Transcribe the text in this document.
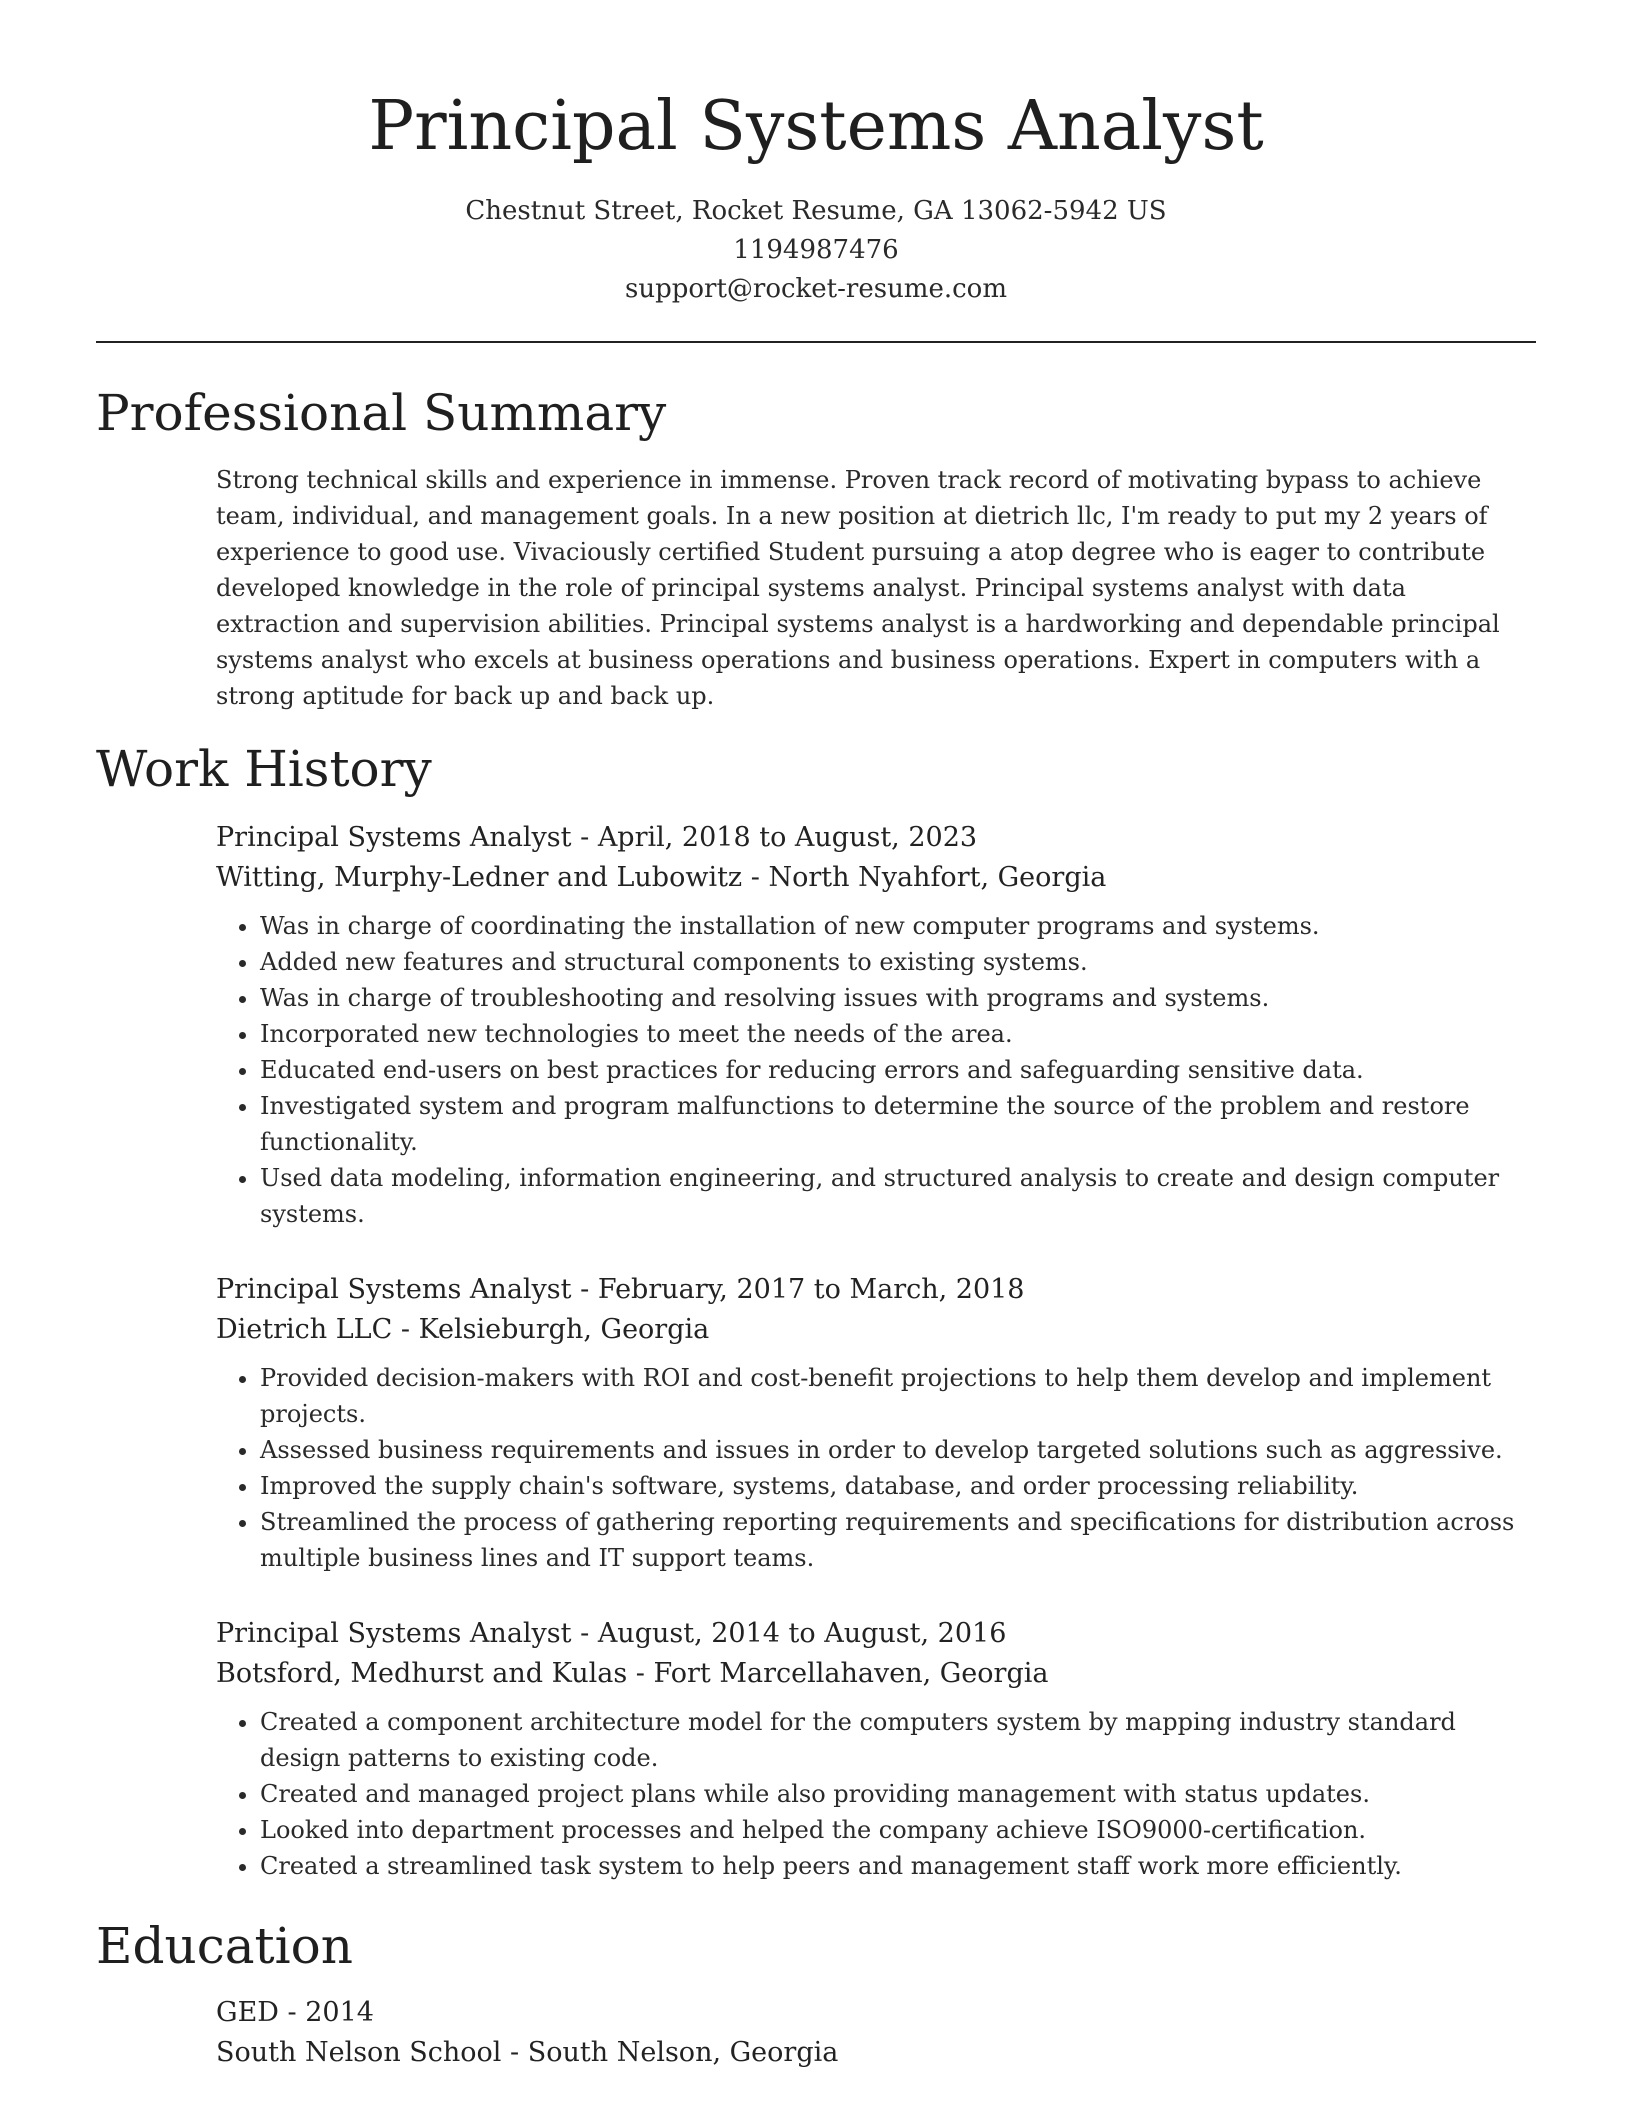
Principal Systems Analyst
Chestnut Street, Rocket Resume, GA 13062-5942 US
1194987476
support@rocket-resume.com
Professional Summary

Strong technical skills and experience in immense. Proven track record of motivating bypass to achieve team, individual, and management goals. In a new position at dietrich llc, I'm ready to put my 2 years of experience to good use. Vivaciously certified Student pursuing a atop degree who is eager to contribute developed knowledge in the role of principal systems analyst. Principal systems analyst with data extraction and supervision abilities. Principal systems analyst is a hardworking and dependable principal systems analyst who excels at business operations and business operations. Expert in computers with a strong aptitude for back up and back up.

Work History
Principal Systems Analyst - April, 2018 to August, 2023
Witting, Murphy-Ledner and Lubowitz - North Nyahfort, Georgia
• Was in charge of coordinating the installation of new computer programs and systems.
• Added new features and structural components to existing systems.
• Was in charge of troubleshooting and resolving issues with programs and systems.
• Incorporated new technologies to meet the needs of the area.
• Educated end-users on best practices for reducing errors and safeguarding sensitive data.
• Investigated system and program malfunctions to determine the source of the problem and restore functionality.
• Used data modeling, information engineering, and structured analysis to create and design computer systems.
Principal Systems Analyst - February, 2017 to March, 2018
Dietrich LLC - Kelsieburgh, Georgia
• Provided decision-makers with ROI and cost-benefit projections to help them develop and implement projects.
• Assessed business requirements and issues in order to develop targeted solutions such as aggressive.
• Improved the supply chain's software, systems, database, and order processing reliability.
• Streamlined the process of gathering reporting requirements and specifications for distribution across multiple business lines and IT support teams.
Principal Systems Analyst - August, 2014 to August, 2016
Botsford, Medhurst and Kulas - Fort Marcellahaven, Georgia
• Created a component architecture model for the computers system by mapping industry standard design patterns to existing code.
• Created and managed project plans while also providing management with status updates.
• Looked into department processes and helped the company achieve ISO9000-certification.
• Created a streamlined task system to help peers and management staff work more efficiently.
Education
GED - 2014
South Nelson School - South Nelson, Georgia
